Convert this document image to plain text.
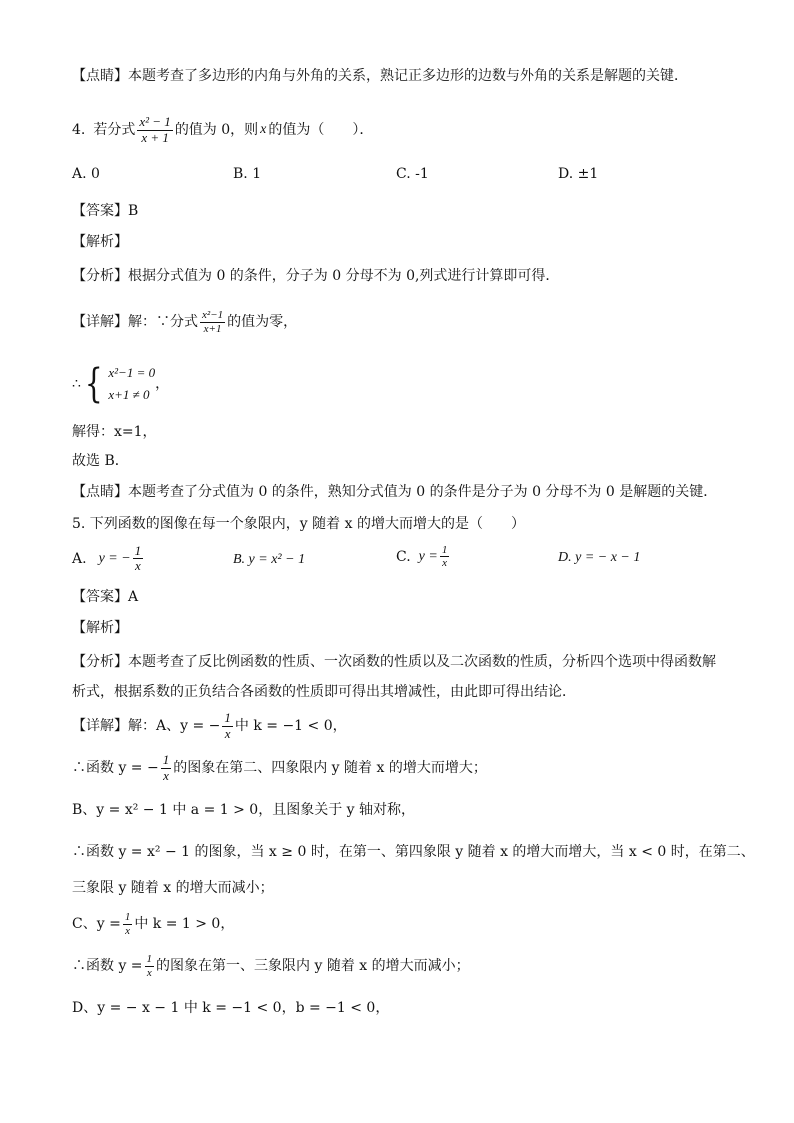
【点睛】本题考查了多边形的内角与外角的关系，熟记正多边形的边数与外角的关系是解题的关键．
4. 若分式 $\frac{\text{x² − 1}}{x + 1}$ 的值为 0，则 x 的值为（　　）．
A. 0	B. 1	C. -1	D. ±1
【答案】B
【解析】
【分析】根据分式值为 0 的条件，分子为 0 分母不为 0,列式进行计算即可得．
【详解】解：∵分式 $\frac{\text{x²−1}}{x+1}$ 的值为零，
∴ { x²−1 = 0
x+1 ≠ 0
，
解得：x=1，
故选 B．
【点睛】本题考查了分式值为 0 的条件，熟知分式值为 0 的条件是分子为 0 分母不为 0 是解题的关键．
5. 下列函数的图像在每一个象限内，y 随着 x 的增大而增大的是（　　）
A. y = − $\frac{1}{x}$	B. y = x² − 1	C. $y = \frac{1}{x}$	D. y = − x − 1
【答案】A
【解析】
【分析】本题考查了反比例函数的性质、一次函数的性质以及二次函数的性质，分析四个选项中得函数解
析式，根据系数的正负结合各函数的性质即可得出其增减性，由此即可得出结论．
【详解】解：A、y = − $\frac{1}{x}$ 中 k = −1 < 0，
∴函数 y = − $\frac{1}{x}$ 的图象在第二、四象限内 y 随着 x 的增大而增大；
B、y = x² − 1 中 a = 1 > 0，且图象关于 y 轴对称，
∴函数 y = x² − 1 的图象，当 x ≥ 0 时，在第一、第四象限 y 随着 x 的增大而增大，当 x < 0 时，在第二、
三象限 y 随着 x 的增大而减小；
C、$y = \frac{1}{x}$ 中 k = 1 > 0，
∴函数 $y = \frac{1}{x}$ 的图象在第一、三象限内 y 随着 x 的增大而减小；
D、y = − x − 1 中 k = −1 < 0，b = −1 < 0，
